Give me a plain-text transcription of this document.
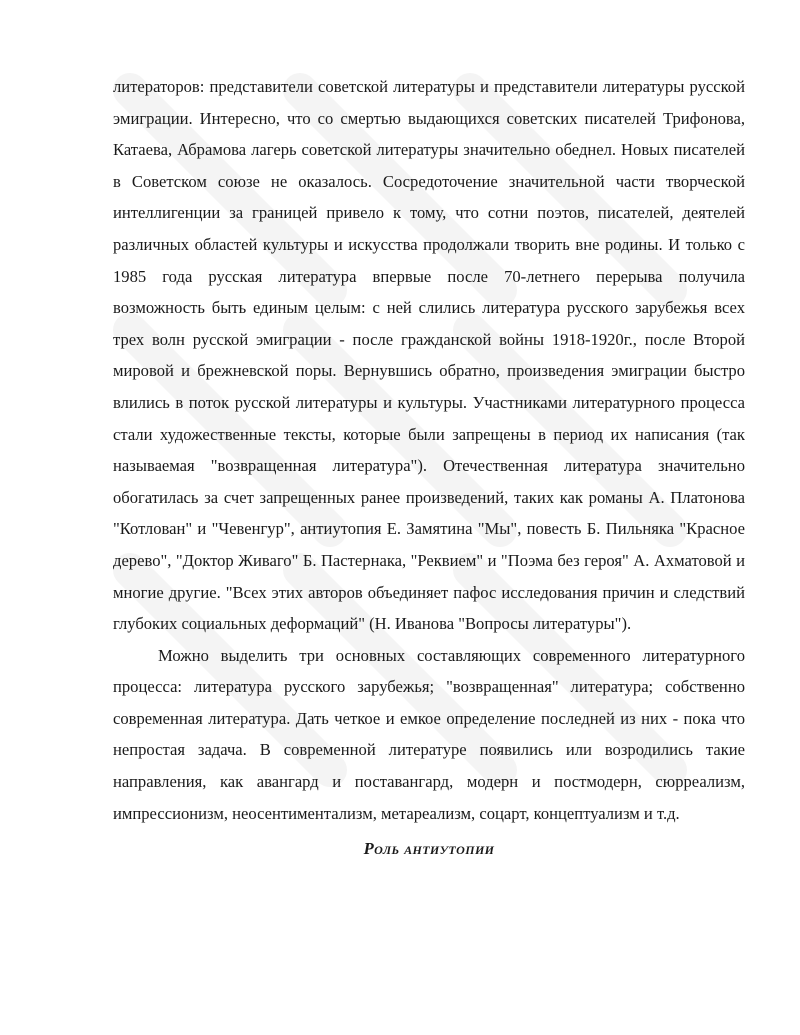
литераторов: представители советской литературы и представители литературы русской эмиграции. Интересно, что со смертью выдающихся советских писателей Трифонова, Катаева, Абрамова лагерь советской литературы значительно обеднел. Новых писателей в Советском союзе не оказалось. Сосредоточение значительной части творческой интеллигенции за границей привело к тому, что сотни поэтов, писателей, деятелей различных областей культуры и искусства продолжали творить вне родины. И только с 1985 года русская литература впервые после 70-летнего перерыва получила возможность быть единым целым: с ней слились литература русского зарубежья всех трех волн русской эмиграции - после гражданской войны 1918-1920г., после Второй мировой и брежневской поры. Вернувшись обратно, произведения эмиграции быстро влились в поток русской литературы и культуры. Участниками литературного процесса стали художественные тексты, которые были запрещены в период их написания (так называемая "возвращенная литература"). Отечественная литература значительно обогатилась за счет запрещенных ранее произведений, таких как романы А. Платонова "Котлован" и "Чевенгур", антиутопия Е. Замятина "Мы", повесть Б. Пильняка "Красное дерево", "Доктор Живаго" Б. Пастернака, "Реквием" и "Поэма без героя" А. Ахматовой и многие другие. "Всех этих авторов объединяет пафос исследования причин и следствий глубоких социальных деформаций" (Н. Иванова "Вопросы литературы").

Можно выделить три основных составляющих современного литературного процесса: литература русского зарубежья; "возвращенная" литература; собственно современная литература. Дать четкое и емкое определение последней из них - пока что непростая задача. В современной литературе появились или возродились такие направления, как авангард и поставангард, модерн и постмодерн, сюрреализм, импрессионизм, неосентиментализм, метареализм, соцарт, концептуализм и т.д.

Роль антиутопии
